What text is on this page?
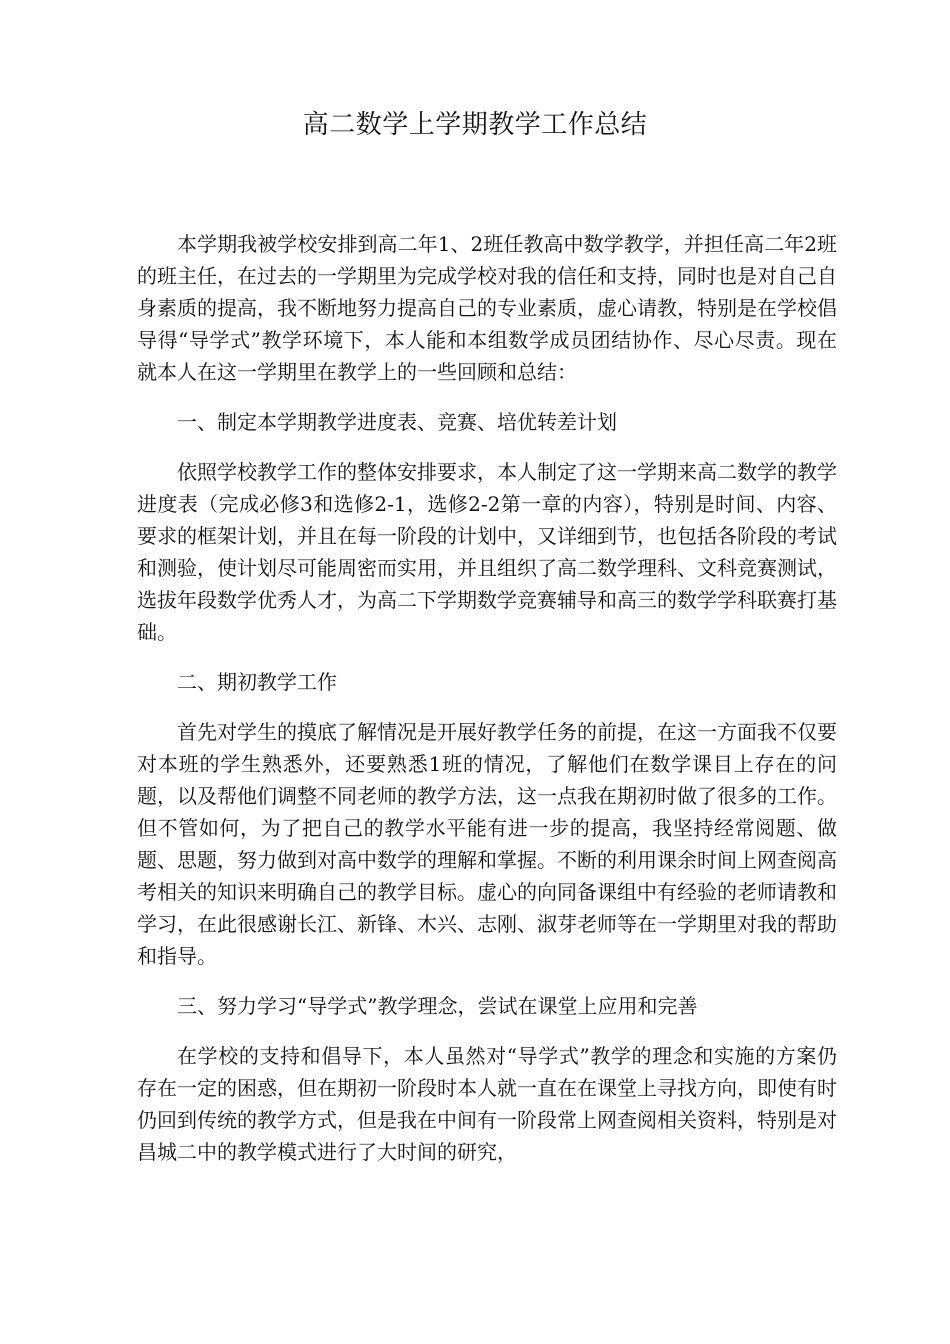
高二数学上学期教学工作总结

本学期我被学校安排到高二年1、2班任教高中数学教学，并担任高二年2班的班主任，在过去的一学期里为完成学校对我的信任和支持，同时也是对自己自身素质的提高，我不断地努力提高自己的专业素质，虚心请教，特别是在学校倡导得“导学式”教学环境下，本人能和本组数学成员团结协作、尽心尽责。现在就本人在这一学期里在教学上的一些回顾和总结：

一、制定本学期教学进度表、竞赛、培优转差计划

依照学校教学工作的整体安排要求，本人制定了这一学期来高二数学的教学进度表（完成必修3和选修2-1，选修2-2第一章的内容），特别是时间、内容、要求的框架计划，并且在每一阶段的计划中，又详细到节，也包括各阶段的考试和测验，使计划尽可能周密而实用，并且组织了高二数学理科、文科竞赛测试，选拔年段数学优秀人才，为高二下学期数学竞赛辅导和高三的数学学科联赛打基础。

二、期初教学工作

首先对学生的摸底了解情况是开展好教学任务的前提，在这一方面我不仅要对本班的学生熟悉外，还要熟悉1班的情况，了解他们在数学课目上存在的问题，以及帮他们调整不同老师的教学方法，这一点我在期初时做了很多的工作。但不管如何，为了把自己的教学水平能有进一步的提高，我坚持经常阅题、做题、思题，努力做到对高中数学的理解和掌握。不断的利用课余时间上网查阅高考相关的知识来明确自己的教学目标。虚心的向同备课组中有经验的老师请教和学习，在此很感谢长江、新锋、木兴、志刚、淑芽老师等在一学期里对我的帮助和指导。

三、努力学习“导学式”教学理念，尝试在课堂上应用和完善

在学校的支持和倡导下，本人虽然对“导学式”教学的理念和实施的方案仍存在一定的困惑，但在期初一阶段时本人就一直在在课堂上寻找方向，即使有时仍回到传统的教学方式，但是我在中间有一阶段常上网查阅相关资料，特别是对昌城二中的教学模式进行了大时间的研究，
